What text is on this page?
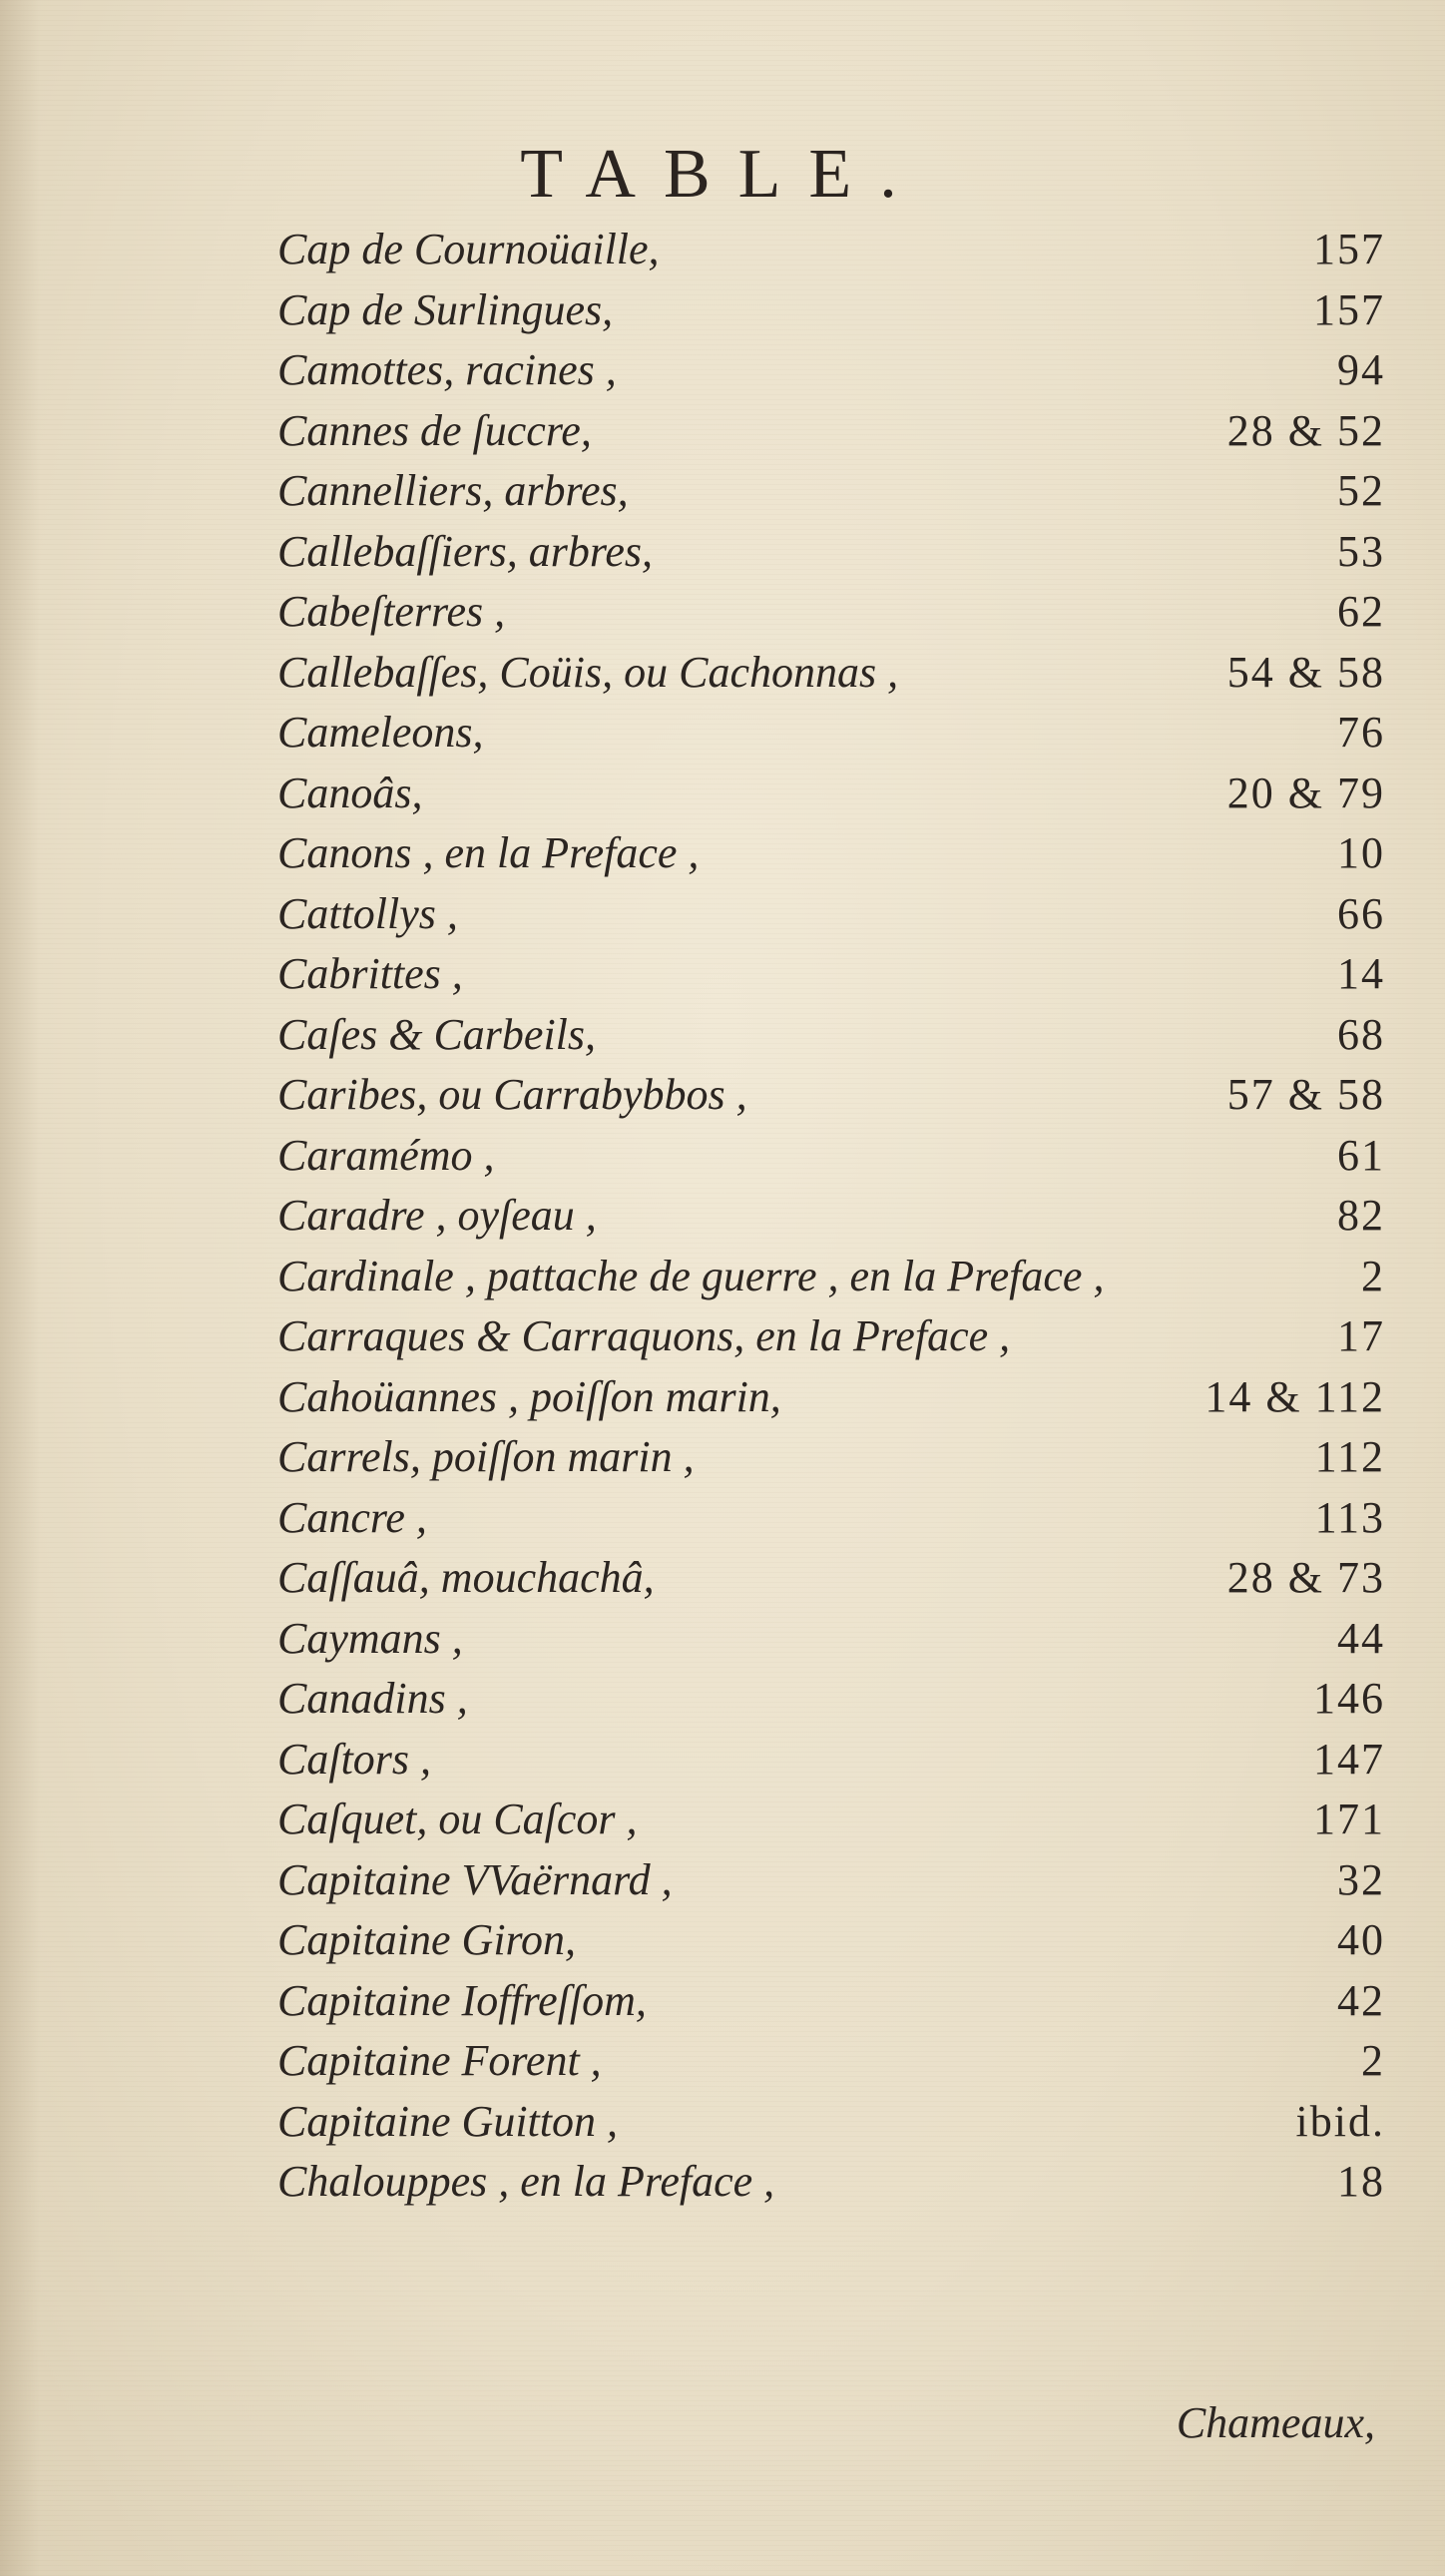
TABLE.
Cap de Cournoüaille,	157
Cap de Surlingues,	157
Camottes, racines ,	94
Cannes de ſuccre,	28 & 52
Cannelliers, arbres,	52
Callebaſſiers, arbres,	53
Cabeſterres ,	62
Callebaſſes, Coüis, ou Cachonnas ,	54 & 58
Cameleons,	76
Canoâs,	20 & 79
Canons , en la Preface ,	10
Cattollys ,	66
Cabrittes ,	14
Caſes & Carbeils,	68
Caribes, ou Carrabybbos ,	57 & 58
Caramémo ,	61
Caradre , oyſeau ,	82
Cardinale , pattache de guerre , en la Preface ,	2
Carraques & Carraquons, en la Preface ,	17
Cahoüannes , poiſſon marin,	14 & 112
Carrels, poiſſon marin ,	112
Cancre ,	113
Caſſauâ, mouchachâ,	28 & 73
Caymans ,	44
Canadins ,	146
Caſtors ,	147
Caſquet, ou Caſcor ,	171
Capitaine VVaërnard ,	32
Capitaine Giron,	40
Capitaine Ioffreſſom,	42
Capitaine Forent ,	2
Capitaine Guitton ,	ibid.
Chalouppes , en la Preface ,	18
Chameaux,
